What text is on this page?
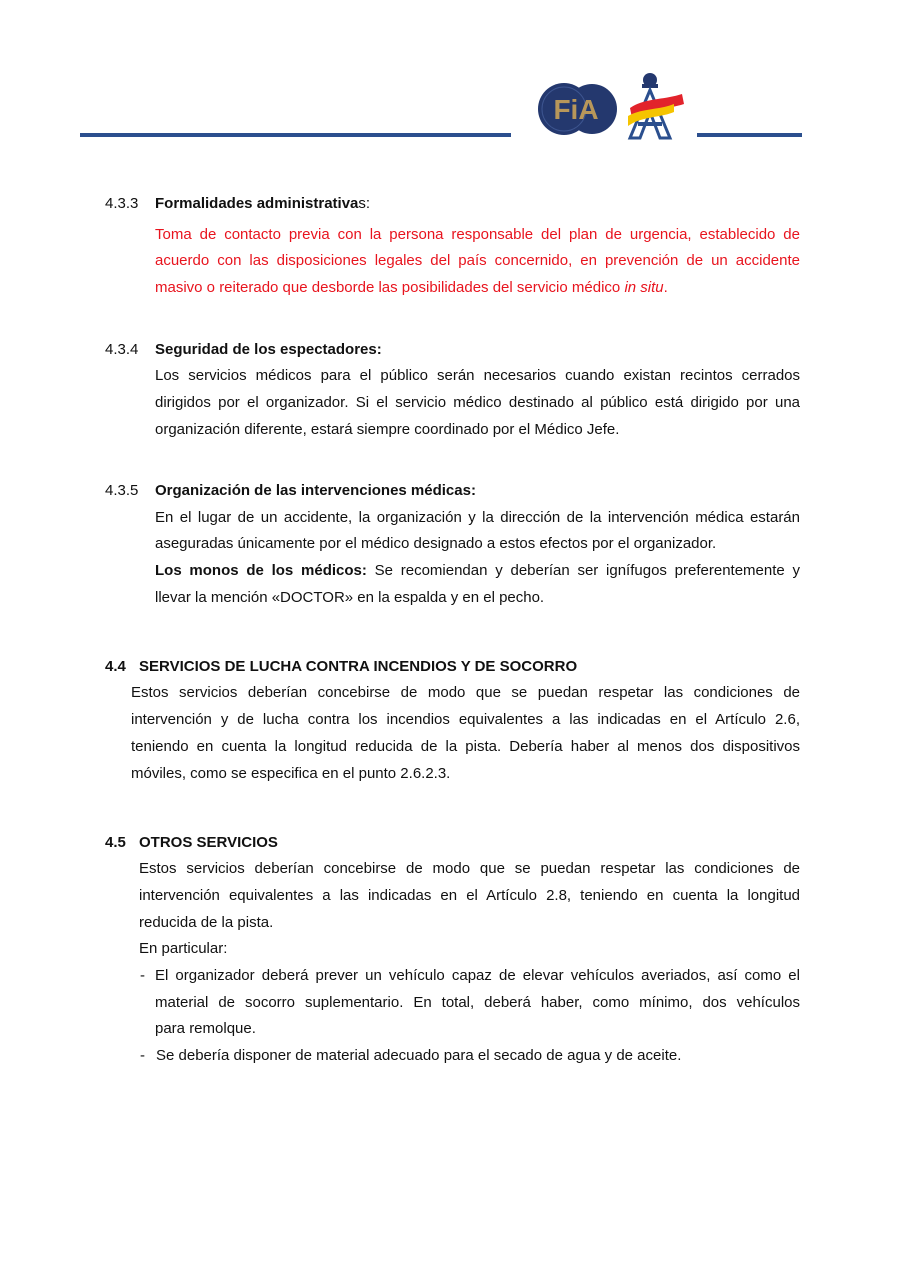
FiA
4.3.3 Formalidades administrativas:
Toma de contacto previa con la persona responsable del plan de urgencia, establecido de
acuerdo con las disposiciones legales del país concernido, en prevención de un accidente
masivo o reiterado que desborde las posibilidades del servicio médico in situ.
4.3.4 Seguridad de los espectadores:
Los servicios médicos para el público serán necesarios cuando existan recintos cerrados
dirigidos por el organizador. Si el servicio médico destinado al público está dirigido por una
organización diferente, estará siempre coordinado por el Médico Jefe.
4.3.5 Organización de las intervenciones médicas:
En el lugar de un accidente, la organización y la dirección de la intervención médica estarán
aseguradas únicamente por el médico designado a estos efectos por el organizador.
Los monos de los médicos: Se recomiendan y deberían ser ignífugos preferentemente y
llevar la mención «DOCTOR» en la espalda y en el pecho.
4.4 SERVICIOS DE LUCHA CONTRA INCENDIOS Y DE SOCORRO
Estos servicios deberían concebirse de modo que se puedan respetar las condiciones de
intervención y de lucha contra los incendios equivalentes a las indicadas en el Artículo 2.6,
teniendo en cuenta la longitud reducida de la pista. Debería haber al menos dos dispositivos
móviles, como se especifica en el punto 2.6.2.3.
4.5 OTROS SERVICIOS
Estos servicios deberían concebirse de modo que se puedan respetar las condiciones de
intervención equivalentes a las indicadas en el Artículo 2.8, teniendo en cuenta la longitud
reducida de la pista.
En particular:
- El organizador deberá prever un vehículo capaz de elevar vehículos averiados, así como el
material de socorro suplementario. En total, deberá haber, como mínimo, dos vehículos
para remolque.
- Se debería disponer de material adecuado para el secado de agua y de aceite.
